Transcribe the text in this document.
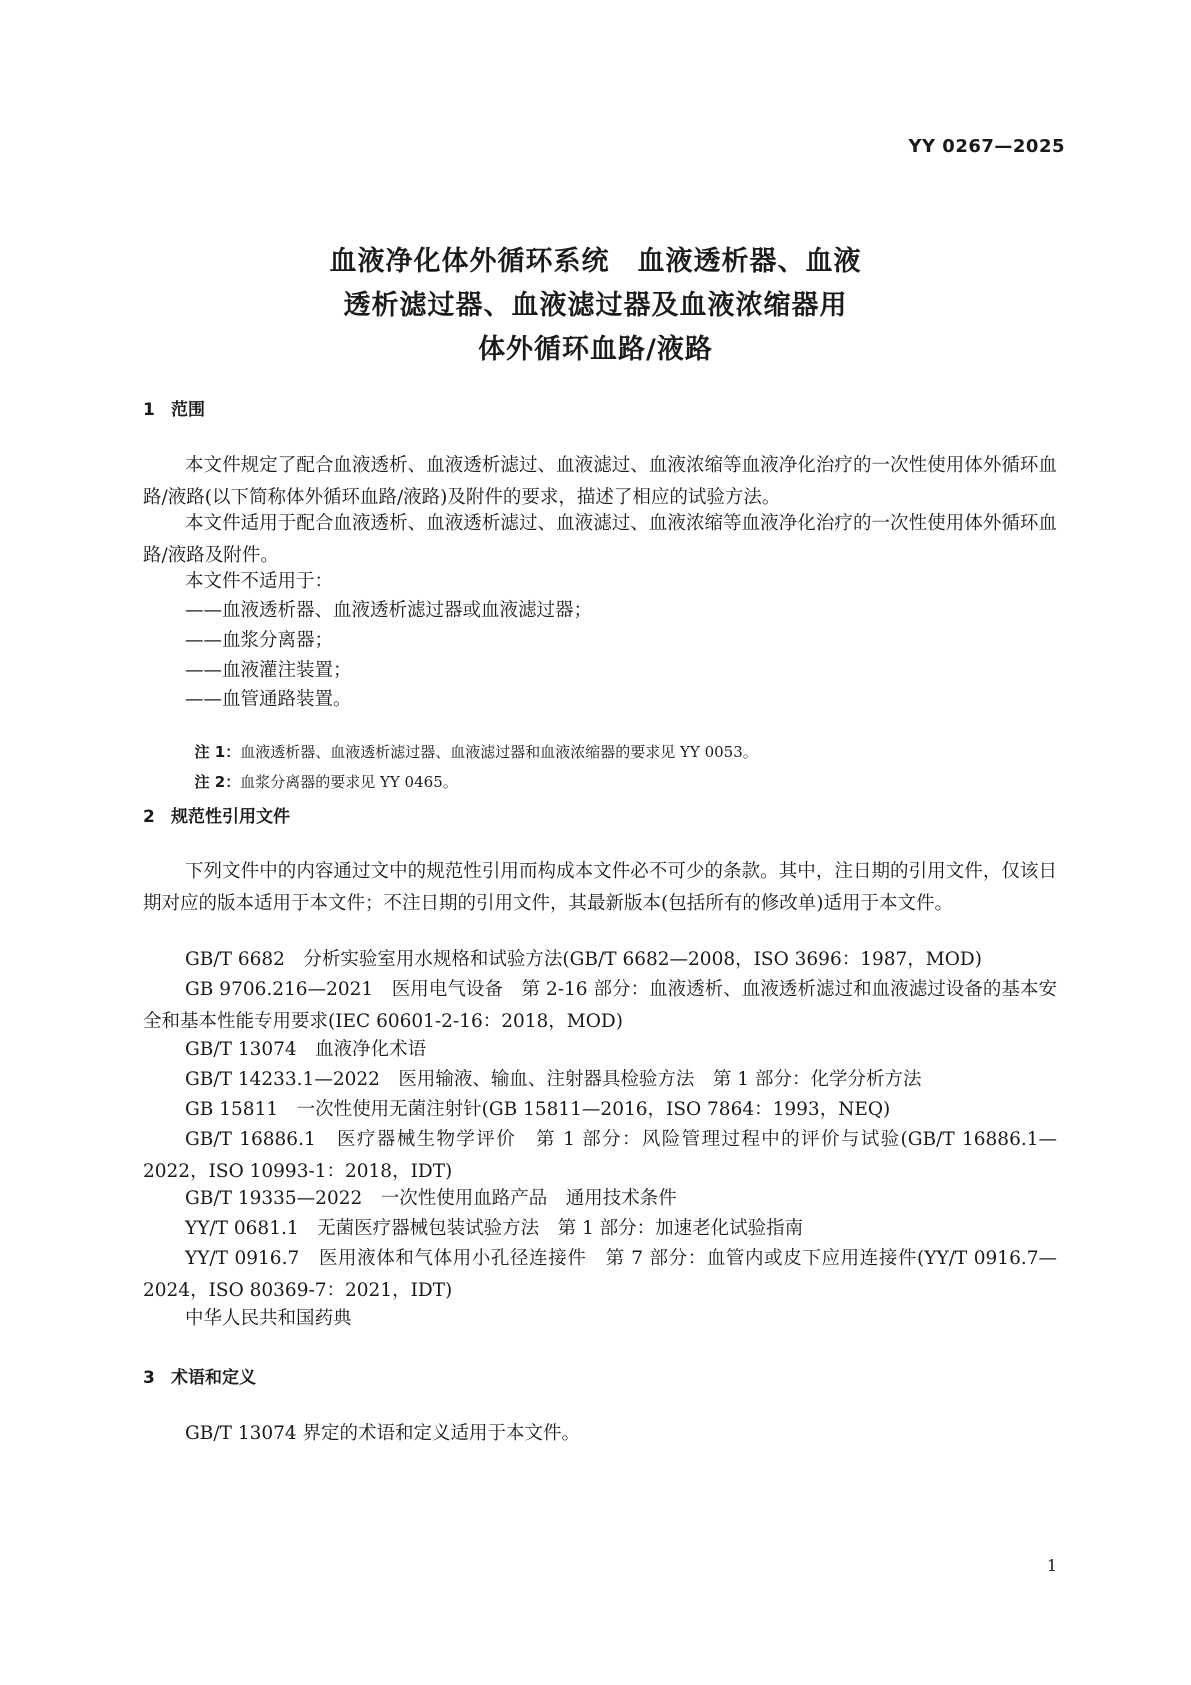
YY 0267—2025
血液净化体外循环系统　血液透析器、血液
透析滤过器、血液滤过器及血液浓缩器用
体外循环血路/液路
1 范围
本文件规定了配合血液透析、血液透析滤过、血液滤过、血液浓缩等血液净化治疗的一次性使用体外循环血路/液路(以下简称体外循环血路/液路)及附件的要求，描述了相应的试验方法。
本文件适用于配合血液透析、血液透析滤过、血液滤过、血液浓缩等血液净化治疗的一次性使用体外循环血路/液路及附件。
本文件不适用于：
——血液透析器、血液透析滤过器或血液滤过器；
——血浆分离器；
——血液灌注装置；
——血管通路装置。

注 1：血液透析器、血液透析滤过器、血液滤过器和血液浓缩器的要求见 YY 0053。

注 2：血浆分离器的要求见 YY 0465。

2 规范性引用文件
下列文件中的内容通过文中的规范性引用而构成本文件必不可少的条款。其中，注日期的引用文件，仅该日期对应的版本适用于本文件；不注日期的引用文件，其最新版本(包括所有的修改单)适用于本文件。
GB/T 6682　分析实验室用水规格和试验方法(GB/T 6682—2008，ISO 3696：1987，MOD)
GB 9706.216—2021　医用电气设备　第 2-16 部分：血液透析、血液透析滤过和血液滤过设备的基本安全和基本性能专用要求(IEC 60601-2-16：2018，MOD)
GB/T 13074　血液净化术语
GB/T 14233.1—2022　医用输液、输血、注射器具检验方法　第 1 部分：化学分析方法
GB 15811　一次性使用无菌注射针(GB 15811—2016，ISO 7864：1993，NEQ)
GB/T 16886.1　医疗器械生物学评价　第 1 部分：风险管理过程中的评价与试验(GB/T 16886.1—2022，ISO 10993-1：2018，IDT)
GB/T 19335—2022　一次性使用血路产品　通用技术条件
YY/T 0681.1　无菌医疗器械包装试验方法　第 1 部分：加速老化试验指南
YY/T 0916.7　医用液体和气体用小孔径连接件　第 7 部分：血管内或皮下应用连接件(YY/T 0916.7—2024，ISO 80369-7：2021，IDT)
中华人民共和国药典
3 术语和定义
GB/T 13074 界定的术语和定义适用于本文件。
1
